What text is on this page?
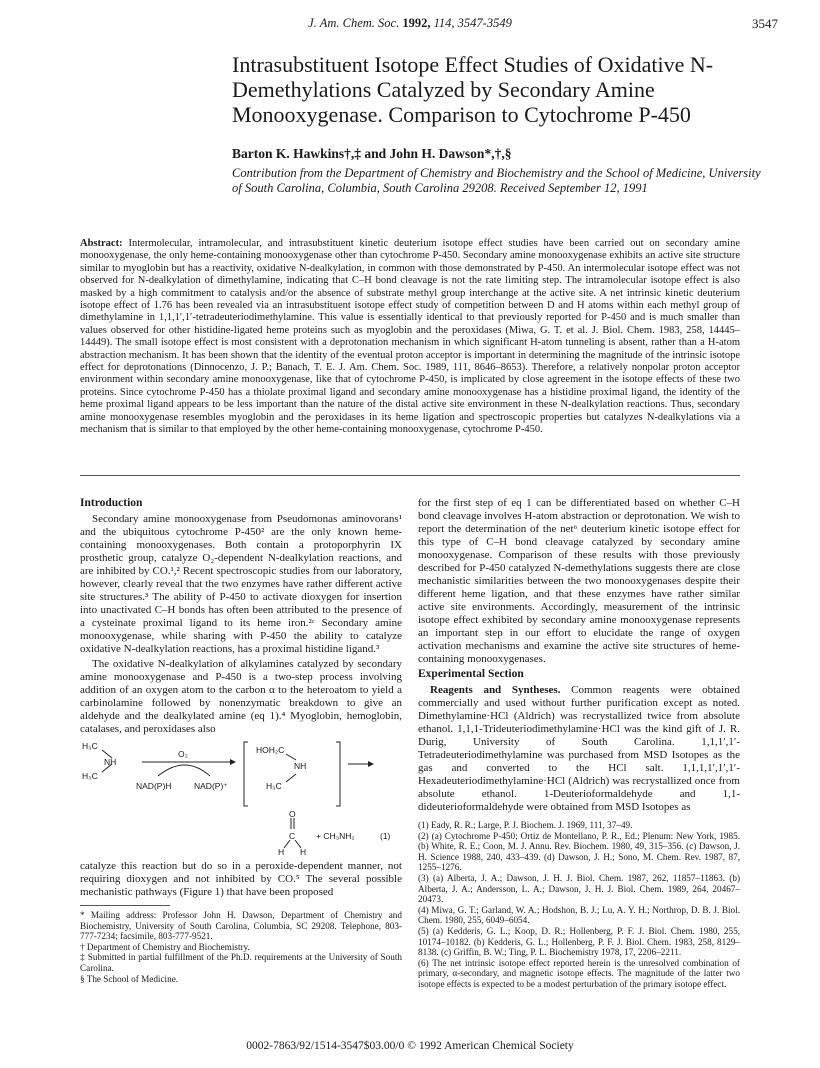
J. Am. Chem. Soc. 1992, 114, 3547-3549	3547
Intrasubstituent Isotope Effect Studies of Oxidative N-Demethylations Catalyzed by Secondary Amine Monooxygenase. Comparison to Cytochrome P-450
Barton K. Hawkins†,‡ and John H. Dawson*,†,§
Contribution from the Department of Chemistry and Biochemistry and the School of Medicine, University of South Carolina, Columbia, South Carolina 29208. Received September 12, 1991
Abstract: Intermolecular, intramolecular, and intrasubstituent kinetic deuterium isotope effect studies have been carried out on secondary amine monooxygenase, the only heme-containing monooxygenase other than cytochrome P-450. Secondary amine monooxygenase exhibits an active site structure similar to myoglobin but has a reactivity, oxidative N-dealkylation, in common with those demonstrated by P-450. An intermolecular isotope effect was not observed for N-dealkylation of dimethylamine, indicating that C–H bond cleavage is not the rate limiting step. The intramolecular isotope effect is also masked by a high commitment to catalysis and/or the absence of substrate methyl group interchange at the active site. A net intrinsic kinetic deuterium isotope effect of 1.76 has been revealed via an intrasubstituent isotope effect study of competition between D and H atoms within each methyl group of dimethylamine in 1,1,1′,1′-tetradeuteriodimethylamine. This value is essentially identical to that previously reported for P-450 and is much smaller than values observed for other histidine-ligated heme proteins such as myoglobin and the peroxidases (Miwa, G. T. et al. J. Biol. Chem. 1983, 258, 14445–14449). The small isotope effect is most consistent with a deprotonation mechanism in which significant H-atom tunneling is absent, rather than a H-atom abstraction mechanism. It has been shown that the identity of the eventual proton acceptor is important in determining the magnitude of the intrinsic isotope effect for deprotonations (Dinnocenzo, J. P.; Banach, T. E. J. Am. Chem. Soc. 1989, 111, 8646–8653). Therefore, a relatively nonpolar proton acceptor environment within secondary amine monooxygenase, like that of cytochrome P-450, is implicated by close agreement in the isotope effects of these two proteins. Since cytochrome P-450 has a thiolate proximal ligand and secondary amine monooxygenase has a histidine proximal ligand, the identity of the heme proximal ligand appears to be less important than the nature of the distal active site environment in these N-dealkylation reactions. Thus, secondary amine monooxygenase resembles myoglobin and the peroxidases in its heme ligation and spectroscopic properties but catalyzes N-dealkylations via a mechanism that is similar to that employed by the other heme-containing monooxygenase, cytochrome P-450.
Introduction

Secondary amine monooxygenase from Pseudomonas aminovorans¹ and the ubiquitous cytochrome P-450² are the only known heme-containing monooxygenases. Both contain a protoporphyrin IX prosthetic group, catalyze O₂-dependent N-dealkylation reactions, and are inhibited by CO.¹,² Recent spectroscopic studies from our laboratory, however, clearly reveal that the two enzymes have rather different active site structures.³ The ability of P-450 to activate dioxygen for insertion into unactivated C–H bonds has often been attributed to the presence of a cysteinate proximal ligand to its heme iron.²ᶜ Secondary amine monooxygenase, while sharing with P-450 the ability to catalyze oxidative N-dealkylation reactions, has a proximal histidine ligand.³

The oxidative N-dealkylation of alkylamines catalyzed by secondary amine monooxygenase and P-450 is a two-step process involving addition of an oxygen atom to the carbon α to the heteroatom to yield a carbinolamine followed by nonenzymatic breakdown to give an aldehyde and the dealkylated amine (eq 1).⁴ Myoglobin, hemoglobin, catalases, and peroxidases also

H₃C
NH
H₃C
O₂
NAD(P)H	NAD(P)⁺
HOH₂C
NH
H₃C
O
C
H H
+ CH₃NH₂	(1)

catalyze this reaction but do so in a peroxide-dependent manner, not requiring dioxygen and not inhibited by CO.⁵ The several possible mechanistic pathways (Figure 1) that have been proposed

* Mailing address: Professor John H. Dawson, Department of Chemistry and Biochemistry, University of South Carolina, Columbia, SC 29208. Telephone, 803-777-7234; facsimile, 803-777-9521.
† Department of Chemistry and Biochemistry.
‡ Submitted in partial fulfillment of the Ph.D. requirements at the University of South Carolina.
§ The School of Medicine.

for the first step of eq 1 can be differentiated based on whether C–H bond cleavage involves H-atom abstraction or deprotonation. We wish to report the determination of the net⁶ deuterium kinetic isotope effect for this type of C–H bond cleavage catalyzed by secondary amine monooxygenase. Comparison of these results with those previously described for P-450 catalyzed N-demethylations suggests there are close mechanistic similarities between the two monooxygenases despite their different heme ligation, and that these enzymes have rather similar active site environments. Accordingly, measurement of the intrinsic isotope effect exhibited by secondary amine monooxygenase represents an important step in our effort to elucidate the range of oxygen activation mechanisms and examine the active site structures of heme-containing monooxygenases.

Experimental Section

Reagents and Syntheses. Common reagents were obtained commercially and used without further purification except as noted. Dimethylamine·HCl (Aldrich) was recrystallized twice from absolute ethanol. 1,1,1-Trideuteriodimethylamine·HCl was the kind gift of J. R. Durig, University of South Carolina. 1,1,1′,1′-Tetradeuteriodimethylamine was purchased from MSD Isotopes as the gas and converted to the HCl salt. 1,1,1,1′,1′,1′-Hexadeuteriodimethylamine·HCl (Aldrich) was recrystallized once from absolute ethanol. 1-Deuterioformaldehyde and 1,1-dideuterioformaldehyde were obtained from MSD Isotopes as

(1) Eady, R. R.; Large, P. J. Biochem. J. 1969, 111, 37–49.
(2) (a) Cytochrome P-450; Ortiz de Montellano, P. R., Ed.; Plenum: New York, 1985. (b) White, R. E.; Coon, M. J. Annu. Rev. Biochem. 1980, 49, 315–356. (c) Dawson, J. H. Science 1988, 240, 433–439. (d) Dawson, J. H.; Sono, M. Chem. Rev. 1987, 87, 1255–1276.
(3) (a) Alberta, J. A.; Dawson, J. H. J. Biol. Chem. 1987, 262, 11857–11863. (b) Alberta, J. A.; Andersson, L. A.; Dawson, J. H. J. Biol. Chem. 1989, 264, 20467–20473.
(4) Miwa, G. T.; Garland, W. A.; Hodshon, B. J.; Lu, A. Y. H.; Northrop, D. B. J. Biol. Chem. 1980, 255, 6049–6054.
(5) (a) Kedderis, G. L.; Koop, D. R.; Hollenberg, P. F. J. Biol. Chem. 1980, 255, 10174–10182. (b) Kedderis, G. L.; Hollenberg, P. F. J. Biol. Chem. 1983, 258, 8129–8138. (c) Griffin, B. W.; Ting, P. L. Biochemistry 1978, 17, 2206–2211.
(6) The net intrinsic isotope effect reported herein is the unresolved combination of primary, α-secondary, and magnetic isotope effects. The magnitude of the latter two isotope effects is expected to be a modest perturbation of the primary isotope effect.
0002-7863/92/1514-3547$03.00/0 © 1992 American Chemical Society
